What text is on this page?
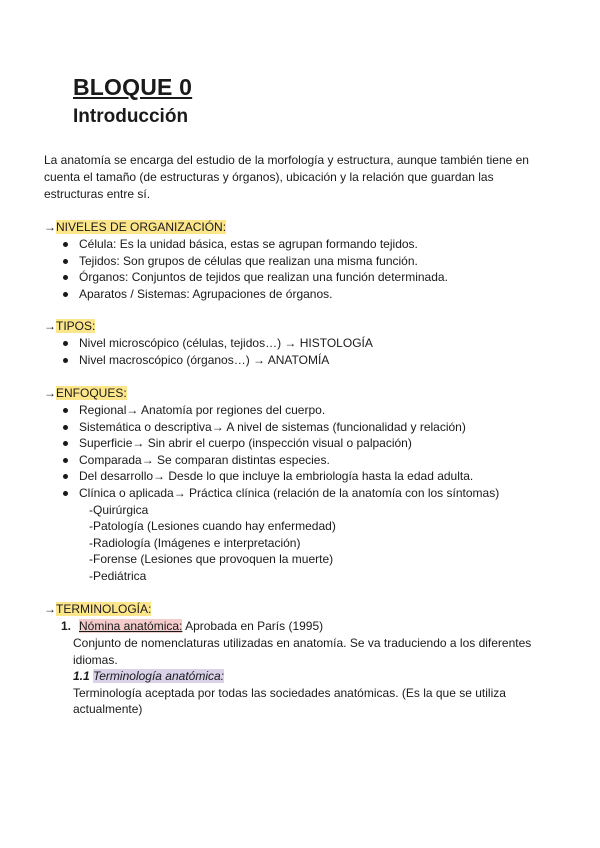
BLOQUE 0
Introducción

La anatomía se encarga del estudio de la morfología y estructura, aunque también tiene en cuenta el tamaño (de estructuras y órganos), ubicación y la relación que guardan las estructuras entre sí.

→NIVELES DE ORGANIZACIÓN:
Célula: Es la unidad básica, estas se agrupan formando tejidos.
Tejidos: Son grupos de células que realizan una misma función.
Órganos: Conjuntos de tejidos que realizan una función determinada.
Aparatos / Sistemas: Agrupaciones de órganos.
→TIPOS:
Nivel microscópico (células, tejidos…) → HISTOLOGÍA
Nivel macroscópico (órganos…) → ANATOMÍA
→ENFOQUES:
Regional→ Anatomía por regiones del cuerpo.
Sistemática o descriptiva→ A nivel de sistemas (funcionalidad y relación)
Superficie→ Sin abrir el cuerpo (inspección visual o palpación)
Comparada→ Se comparan distintas especies.
Del desarrollo→ Desde lo que incluye la embriología hasta la edad adulta.
Clínica o aplicada→ Práctica clínica (relación de la anatomía con los síntomas)
-Quirúrgica
-Patología (Lesiones cuando hay enfermedad)
-Radiología (Imágenes e interpretación)
-Forense (Lesiones que provoquen la muerte)
-Pediátrica
→TERMINOLOGÍA:
1. Nómina anatómica: Aprobada en París (1995)
Conjunto de nomenclaturas utilizadas en anatomía. Se va traduciendo a los diferentes idiomas.
1.1 Terminología anatómica:
Terminología aceptada por todas las sociedades anatómicas. (Es la que se utiliza actualmente)
